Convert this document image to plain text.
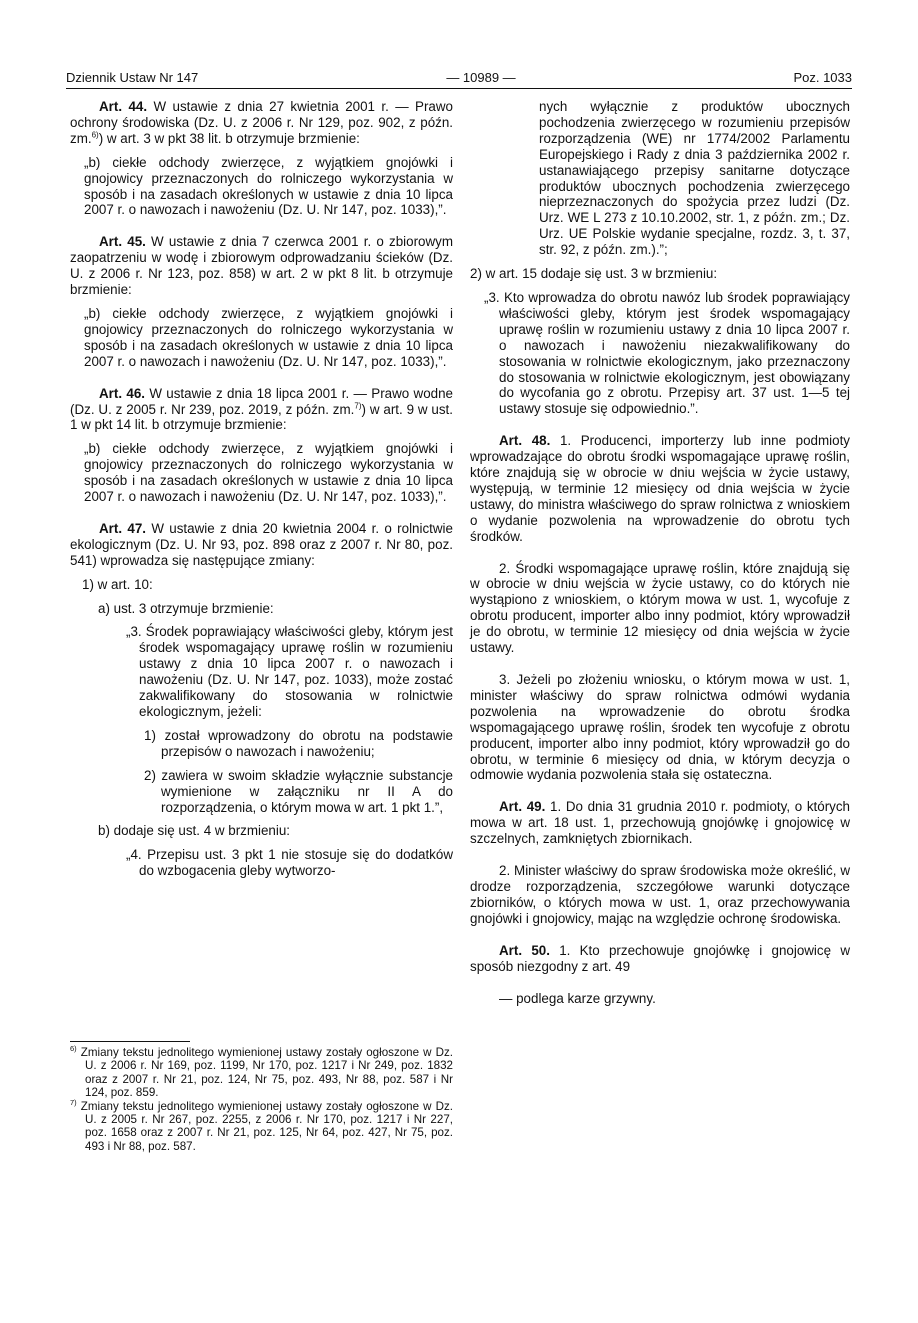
Dziennik Ustaw Nr 147	— 10989 —	Poz. 1033

Art. 44. W ustawie z dnia 27 kwietnia 2001 r. — Prawo ochrony środowiska (Dz. U. z 2006 r. Nr 129, poz. 902, z późn. zm.$^{6)}$) w art. 3 w pkt 38 lit. b otrzymuje brzmienie:

„b) ciekłe odchody zwierzęce, z wyjątkiem gnojówki i gnojowicy przeznaczonych do rolniczego wykorzystania w sposób i na zasadach określonych w ustawie z dnia 10 lipca 2007 r. o nawozach i nawożeniu (Dz. U. Nr 147, poz. 1033),”.

Art. 45. W ustawie z dnia 7 czerwca 2001 r. o zbiorowym zaopatrzeniu w wodę i zbiorowym odprowadzaniu ścieków (Dz. U. z 2006 r. Nr 123, poz. 858) w art. 2 w pkt 8 lit. b otrzymuje brzmienie:

„b) ciekłe odchody zwierzęce, z wyjątkiem gnojówki i gnojowicy przeznaczonych do rolniczego wykorzystania w sposób i na zasadach określonych w ustawie z dnia 10 lipca 2007 r. o nawozach i nawożeniu (Dz. U. Nr 147, poz. 1033),”.

Art. 46. W ustawie z dnia 18 lipca 2001 r. — Prawo wodne (Dz. U. z 2005 r. Nr 239, poz. 2019, z późn. zm.$^{7)}$) w art. 9 w ust. 1 w pkt 14 lit. b otrzymuje brzmienie:

„b) ciekłe odchody zwierzęce, z wyjątkiem gnojówki i gnojowicy przeznaczonych do rolniczego wykorzystania w sposób i na zasadach określonych w ustawie z dnia 10 lipca 2007 r. o nawozach i nawożeniu (Dz. U. Nr 147, poz. 1033),”.

Art. 47. W ustawie z dnia 20 kwietnia 2004 r. o rolnictwie ekologicznym (Dz. U. Nr 93, poz. 898 oraz z 2007 r. Nr 80, poz. 541) wprowadza się następujące zmiany:

1) w art. 10:

a) ust. 3 otrzymuje brzmienie:

„3. Środek poprawiający właściwości gleby, którym jest środek wspomagający uprawę roślin w rozumieniu ustawy z dnia 10 lipca 2007 r. o nawozach i nawożeniu (Dz. U. Nr 147, poz. 1033), może zostać zakwalifikowany do stosowania w rolnictwie ekologicznym, jeżeli:

1) został wprowadzony do obrotu na podstawie przepisów o nawozach i nawożeniu;

2) zawiera w swoim składzie wyłącznie substancje wymienione w załączniku nr II A do rozporządzenia, o którym mowa w art. 1 pkt 1.”,

b) dodaje się ust. 4 w brzmieniu:

„4. Przepisu ust. 3 pkt 1 nie stosuje się do dodatków do wzbogacenia gleby wytworzo-

$^{6)}$ Zmiany tekstu jednolitego wymienionej ustawy zostały ogłoszone w Dz. U. z 2006 r. Nr 169, poz. 1199, Nr 170, poz. 1217 i Nr 249, poz. 1832 oraz z 2007 r. Nr 21, poz. 124, Nr 75, poz. 493, Nr 88, poz. 587 i Nr 124, poz. 859.

$^{7)}$ Zmiany tekstu jednolitego wymienionej ustawy zostały ogłoszone w Dz. U. z 2005 r. Nr 267, poz. 2255, z 2006 r. Nr 170, poz. 1217 i Nr 227, poz. 1658 oraz z 2007 r. Nr 21, poz. 125, Nr 64, poz. 427, Nr 75, poz. 493 i Nr 88, poz. 587.

nych wyłącznie z produktów ubocznych pochodzenia zwierzęcego w rozumieniu przepisów rozporządzenia (WE) nr 1774/2002 Parlamentu Europejskiego i Rady z dnia 3 października 2002 r. ustanawiającego przepisy sanitarne dotyczące produktów ubocznych pochodzenia zwierzęcego nieprzeznaczonych do spożycia przez ludzi (Dz. Urz. WE L 273 z 10.10.2002, str. 1, z późn. zm.; Dz. Urz. UE Polskie wydanie specjalne, rozdz. 3, t. 37, str. 92, z późn. zm.).”;

2) w art. 15 dodaje się ust. 3 w brzmieniu:

„3. Kto wprowadza do obrotu nawóz lub środek poprawiający właściwości gleby, którym jest środek wspomagający uprawę roślin w rozumieniu ustawy z dnia 10 lipca 2007 r. o nawozach i nawożeniu niezakwalifikowany do stosowania w rolnictwie ekologicznym, jako przeznaczony do stosowania w rolnictwie ekologicznym, jest obowiązany do wycofania go z obrotu. Przepisy art. 37 ust. 1—5 tej ustawy stosuje się odpowiednio.”.

Art. 48. 1. Producenci, importerzy lub inne podmioty wprowadzające do obrotu środki wspomagające uprawę roślin, które znajdują się w obrocie w dniu wejścia w życie ustawy, występują, w terminie 12 miesięcy od dnia wejścia w życie ustawy, do ministra właściwego do spraw rolnictwa z wnioskiem o wydanie pozwolenia na wprowadzenie do obrotu tych środków.

2. Środki wspomagające uprawę roślin, które znajdują się w obrocie w dniu wejścia w życie ustawy, co do których nie wystąpiono z wnioskiem, o którym mowa w ust. 1, wycofuje z obrotu producent, importer albo inny podmiot, który wprowadził je do obrotu, w terminie 12 miesięcy od dnia wejścia w życie ustawy.

3. Jeżeli po złożeniu wniosku, o którym mowa w ust. 1, minister właściwy do spraw rolnictwa odmówi wydania pozwolenia na wprowadzenie do obrotu środka wspomagającego uprawę roślin, środek ten wycofuje z obrotu producent, importer albo inny podmiot, który wprowadził go do obrotu, w terminie 6 miesięcy od dnia, w którym decyzja o odmowie wydania pozwolenia stała się ostateczna.

Art. 49. 1. Do dnia 31 grudnia 2010 r. podmioty, o których mowa w art. 18 ust. 1, przechowują gnojówkę i gnojowicę w szczelnych, zamkniętych zbiornikach.

2. Minister właściwy do spraw środowiska może określić, w drodze rozporządzenia, szczegółowe warunki dotyczące zbiorników, o których mowa w ust. 1, oraz przechowywania gnojówki i gnojowicy, mając na względzie ochronę środowiska.

Art. 50. 1. Kto przechowuje gnojówkę i gnojowicę w sposób niezgodny z art. 49

— podlega karze grzywny.
